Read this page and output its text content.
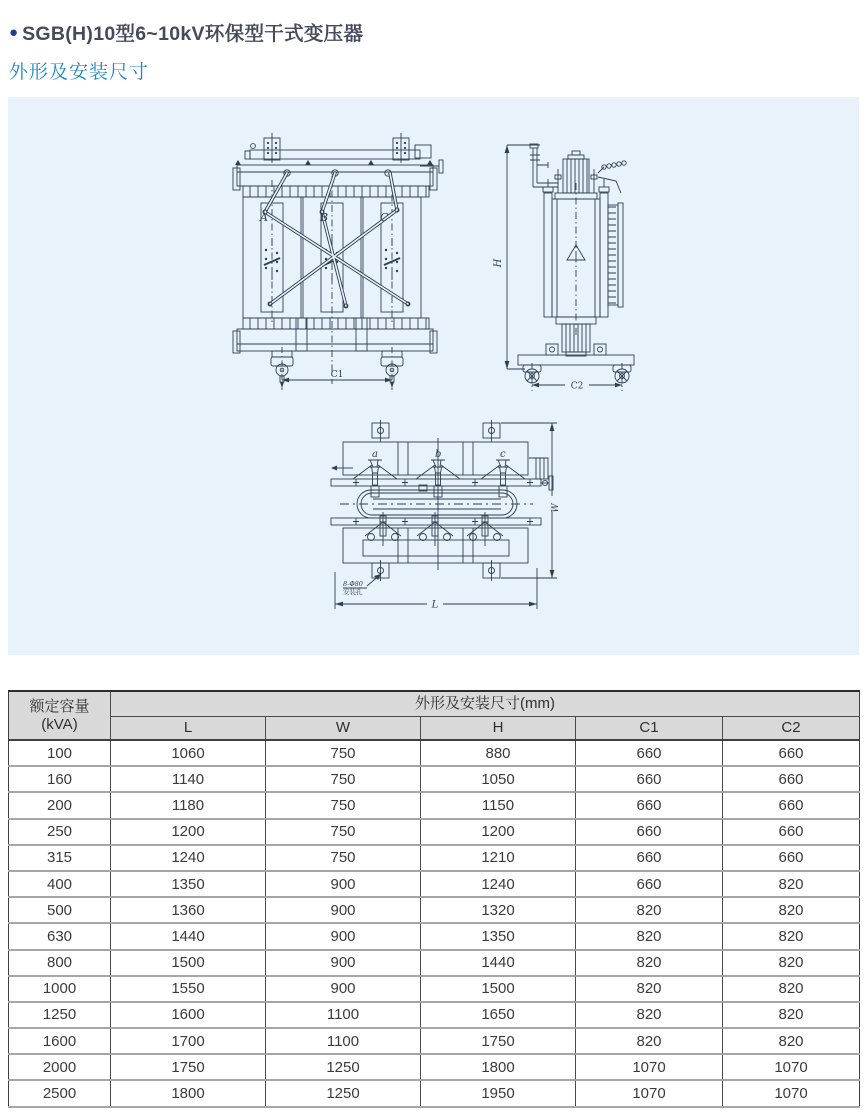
● SGB(H)10型6~10kV环保型干式变压器
外形及安装尺寸
A	B	C
C1
H
C2
a	b	c
W
L
8-Φ80
安装孔
额定容量
(kVA)	外形及安装尺寸(mm)				
	L	W	H	C1	C2
100	1060	750	880	660	660
160	1140	750	1050	660	660
200	1180	750	1150	660	660
250	1200	750	1200	660	660
315	1240	750	1210	660	660
400	1350	900	1240	660	820
500	1360	900	1320	820	820
630	1440	900	1350	820	820
800	1500	900	1440	820	820
1000	1550	900	1500	820	820
1250	1600	1100	1650	820	820
1600	1700	1100	1750	820	820
2000	1750	1250	1800	1070	1070
2500	1800	1250	1950	1070	1070
